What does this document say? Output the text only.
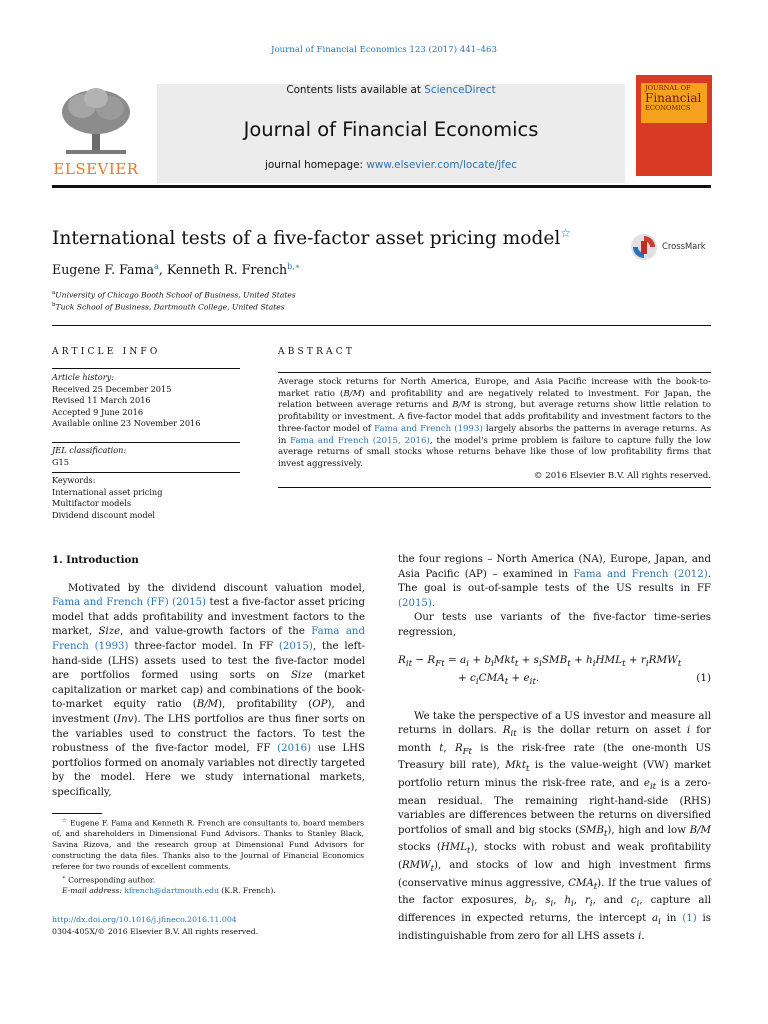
Journal of Financial Economics 123 (2017) 441–463
ELSEVIER
Contents lists available at ScienceDirect
Journal of Financial Economics
journal homepage: www.elsevier.com/locate/jfec
JOURNAL OF
Financial
ECONOMICS
International tests of a five-factor asset pricing model☆
CrossMark
Eugene F. Fama$^a$, Kenneth R. French$^{b,∗}$
$^a$University of Chicago Booth School of Business, United States
$^b$Tuck School of Business, Dartmouth College, United States
ARTICLE INFO	ABSTRACT
Article history:
Received 25 December 2015
Revised 11 March 2016
Accepted 9 June 2016
Available online 23 November 2016
JEL classification:
G15
Keywords:
International asset pricing
Multifactor models
Dividend discount model
Average stock returns for North America, Europe, and Asia Pacific increase with the book-to-market ratio (B/M) and profitability and are negatively related to investment. For Japan, the relation between average returns and B/M is strong, but average returns show little relation to profitability or investment. A five-factor model that adds profitability and investment factors to the three-factor model of Fama and French (1993) largely absorbs the patterns in average returns. As in Fama and French (2015, 2016), the model's prime problem is failure to capture fully the low average returns of small stocks whose returns behave like those of low profitability firms that invest aggressively.
© 2016 Elsevier B.V. All rights reserved.

1. Introduction

Motivated by the dividend discount valuation model, Fama and French (FF) (2015) test a five-factor asset pricing model that adds profitability and investment factors to the market, Size, and value-growth factors of the Fama and French (1993) three-factor model. In FF (2015), the left-hand-side (LHS) assets used to test the five-factor model are portfolios formed using sorts on Size (market capitalization or market cap) and combinations of the book-to-market equity ratio (B/M), profitability (OP), and investment (Inv). The LHS portfolios are thus finer sorts on the variables used to construct the factors. To test the robustness of the five-factor model, FF (2016) use LHS portfolios formed on anomaly variables not directly targeted by the model. Here we study international markets, specifically,

the four regions – North America (NA), Europe, Japan, and Asia Pacific (AP) – examined in Fama and French (2012). The goal is out-of-sample tests of the US results in FF (2015).

Our tests use variants of the five-factor time-series regression,

$R_{it} - R_{Ft} = a_i + b_iMkt_t + s_iSMB_t + h_iHML_t + r_iRMW_t$
+ $c_iCMA_t + e_{it}$.	(1)

We take the perspective of a US investor and measure all returns in dollars. $R_{it}$ is the dollar return on asset i for month t, $R_{Ft}$ is the risk-free rate (the one-month US Treasury bill rate), Mkt$_t$ is the value-weight (VW) market portfolio return minus the risk-free rate, and $e_{it}$ is a zero-mean residual. The remaining right-hand-side (RHS) variables are differences between the returns on diversified portfolios of small and big stocks $(SMB_t)$, high and low B/M stocks $(HML_t)$, stocks with robust and weak profitability $(RMW_t)$, and stocks of low and high investment firms (conservative minus aggressive, $CMA_t$). If the true values of the factor exposures, $b_i$, $s_i$, $h_i$, $r_i$, and $c_i$, capture all differences in expected returns, the intercept $a_i$ in (1) is indistinguishable from zero for all LHS assets i.

☆ Eugene F. Fama and Kenneth R. French are consultants to, board members of, and shareholders in Dimensional Fund Advisors. Thanks to Stanley Black, Savina Rizova, and the research group at Dimensional Fund Advisors for constructing the data files. Thanks also to the Journal of Financial Economics referee for two rounds of excellent comments.

∗ Corresponding author.

E-mail address: kfrench@dartmouth.edu (K.R. French).

http://dx.doi.org/10.1016/j.jfineco.2016.11.004
0304-405X/© 2016 Elsevier B.V. All rights reserved.
